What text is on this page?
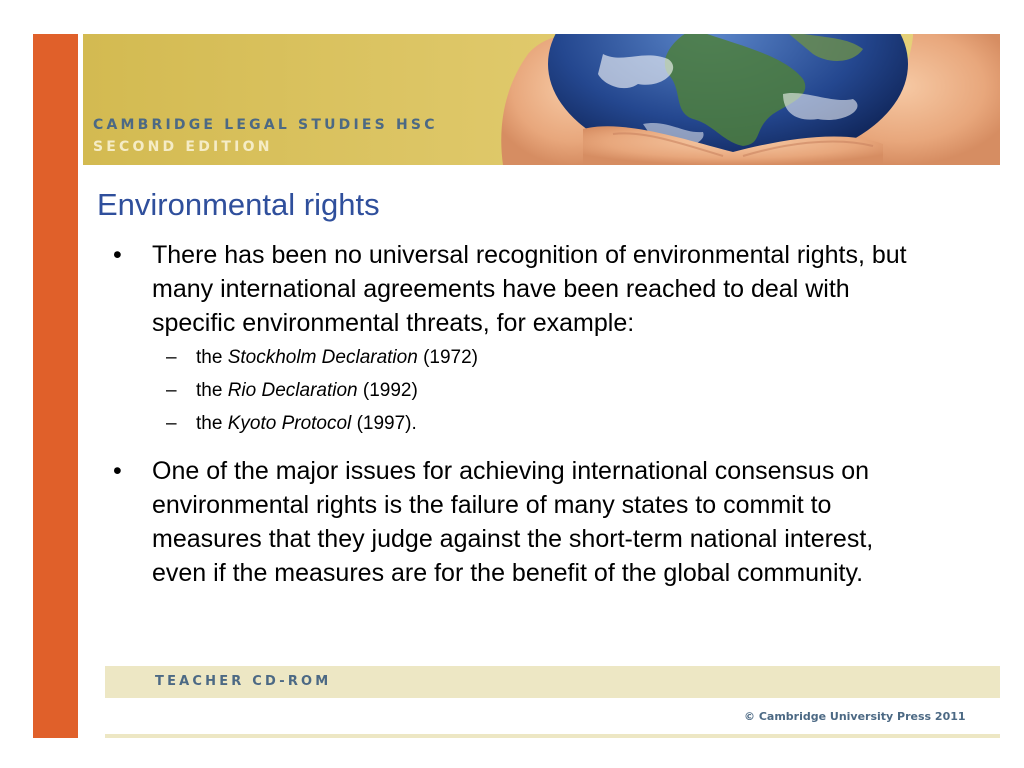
CAMBRIDGE LEGAL STUDIES HSC
SECOND EDITION
Environmental rights
•	There has been no universal recognition of environmental rights, but many international agreements have been reached to deal with specific environmental threats, for example:
– the Stockholm Declaration (1972)
– the Rio Declaration (1992)
– the Kyoto Protocol (1997).
•	One of the major issues for achieving international consensus on environmental rights is the failure of many states to commit to measures that they judge against the short-term national interest, even if the measures are for the benefit of the global community.
TEACHER CD-ROM
© Cambridge University Press 2011
